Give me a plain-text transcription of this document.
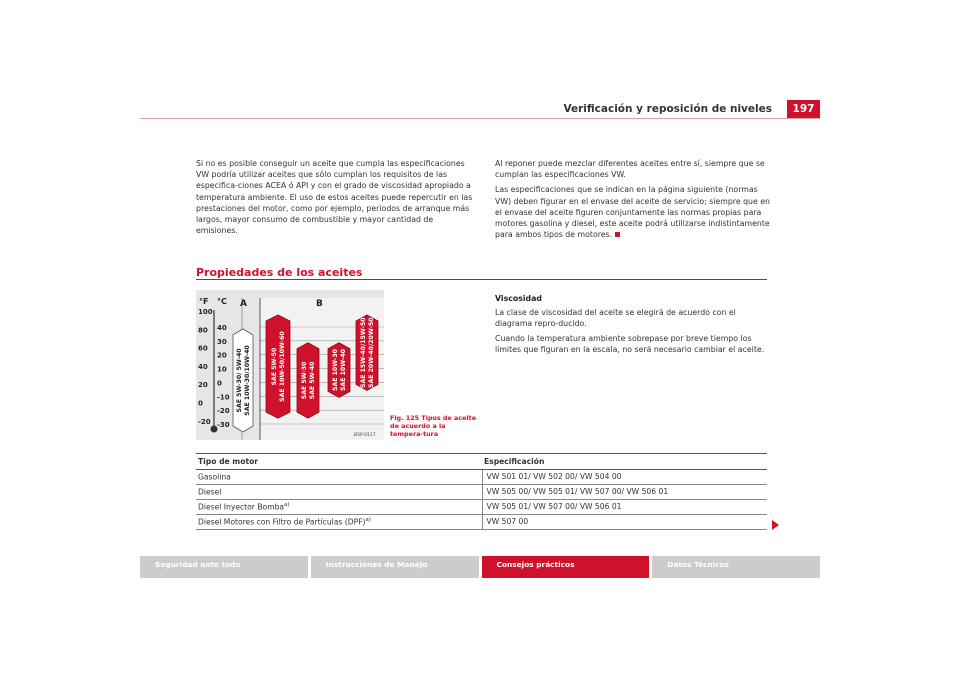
Verificación y reposición de niveles	197

Si no es posible conseguir un aceite que cumpla las especificaciones VW podría utilizar aceites que sólo cumplan los requisitos de las especifica-ciones ACEA ó API y con el grado de viscosidad apropiado a temperatura ambiente. El uso de estos aceites puede repercutir en las prestaciones del motor, como por ejemplo, periodos de arranque más largos, mayor consumo de combustible y mayor cantidad de emisiones.

Al reponer puede mezclar diferentes aceites entre sí, siempre que se cumplan las especificaciones VW.

Las especificaciones que se indican en la página siguiente (normas VW) deben figurar en el envase del aceite de servicio; siempre que en el envase del aceite figuren conjuntamente las normas propias para motores gasolina y diesel, este aceite podrá utilizarse indistintamente para ambos tipos de motores.

Propiedades de los aceites
°F °C A	B
100
80
60
40
20
0
-20
40
30
20
10
0
-10
-20
-30
SAE 5W-30/ 5W-40 SAE 10W-30/10W-40	SAE 5W-50 SAE 10W-50/10W-60 SAE 5W-30 SAE 5W-40	SAE 10W-30 SAE 10W-40 SAE 15W-40/15W-50 SAE 20W-40/20W-50
B5P-0117
Fig. 125 Tipos de aceite de acuerdo a la tempera-tura

Viscosidad

La clase de viscosidad del aceite se elegirá de acuerdo con el diagrama repro-ducido.

Cuando la temperatura ambiente sobrepase por breve tiempo los límites que figuran en la escala, no será necesario cambiar el aceite.

Tipo de motor	Especificación
Gasolina	VW 501 01/ VW 502 00/ VW 504 00
Diesel	VW 505 00/ VW 505 01/ VW 507 00/ VW 506 01
Diesel Inyector Bomba$^{a)}$	VW 505 01/ VW 507 00/ VW 506 01
Diesel Motores con Filtro de Partículas (DPF)$^{a)}$	VW 507 00
Seguridad ante todo	Instrucciones de Manejo	Consejos prácticos	Datos Técnicos
